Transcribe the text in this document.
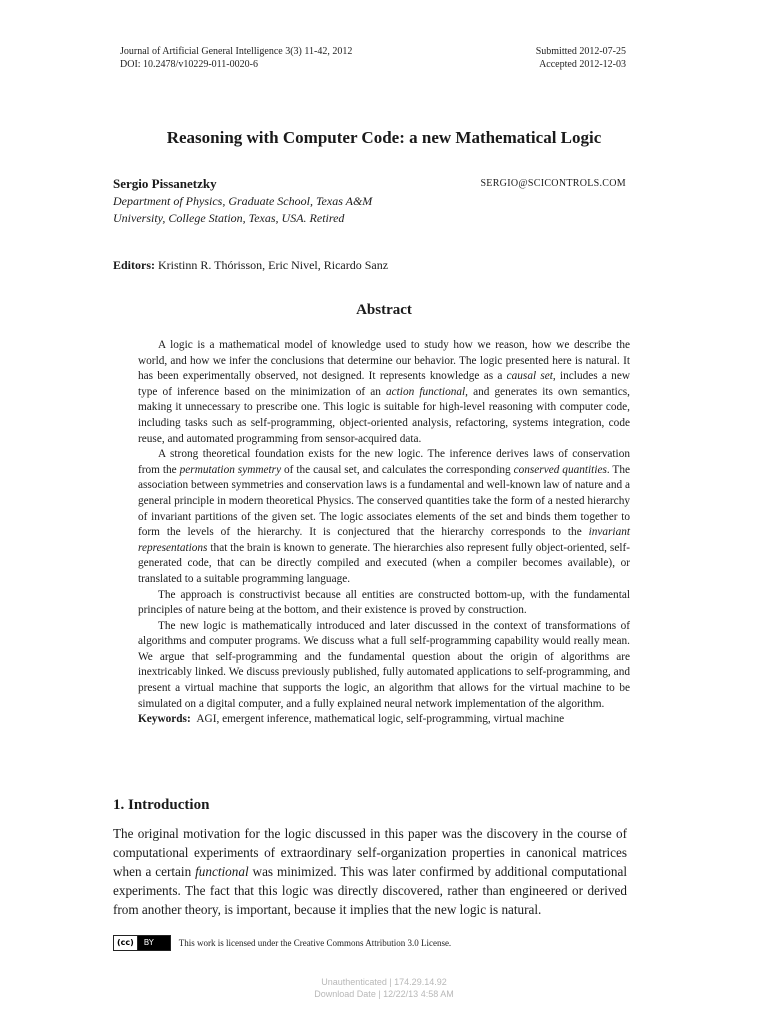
Journal of Artificial General Intelligence 3(3) 11-42, 2012
DOI: 10.2478/v10229-011-0020-6
Submitted 2012-07-25
Accepted 2012-12-03
Reasoning with Computer Code: a new Mathematical Logic
Sergio Pissanetzky	SERGIO@SCICONTROLS.COM
Department of Physics, Graduate School, Texas A&M
University, College Station, Texas, USA. Retired
Editors: Kristinn R. Thórisson, Eric Nivel, Ricardo Sanz
Abstract

A logic is a mathematical model of knowledge used to study how we reason, how we describe the world, and how we infer the conclusions that determine our behavior. The logic presented here is natural. It has been experimentally observed, not designed. It represents knowledge as a causal set, includes a new type of inference based on the minimization of an action functional, and generates its own semantics, making it unnecessary to prescribe one. This logic is suitable for high-level reasoning with computer code, including tasks such as self-programming, object-oriented analysis, refactoring, systems integration, code reuse, and automated programming from sensor-acquired data.

A strong theoretical foundation exists for the new logic. The inference derives laws of conservation from the permutation symmetry of the causal set, and calculates the corresponding conserved quantities. The association between symmetries and conservation laws is a fundamental and well-known law of nature and a general principle in modern theoretical Physics. The conserved quantities take the form of a nested hierarchy of invariant partitions of the given set. The logic associates elements of the set and binds them together to form the levels of the hierarchy. It is conjectured that the hierarchy corresponds to the invariant representations that the brain is known to generate. The hierarchies also represent fully object-oriented, self-generated code, that can be directly compiled and executed (when a compiler becomes available), or translated to a suitable programming language.

The approach is constructivist because all entities are constructed bottom-up, with the fundamental principles of nature being at the bottom, and their existence is proved by construction.

The new logic is mathematically introduced and later discussed in the context of transformations of algorithms and computer programs. We discuss what a full self-programming capability would really mean. We argue that self-programming and the fundamental question about the origin of algorithms are inextricably linked. We discuss previously published, fully automated applications to self-programming, and present a virtual machine that supports the logic, an algorithm that allows for the virtual machine to be simulated on a digital computer, and a fully explained neural network implementation of the algorithm.

Keywords: AGI, emergent inference, mathematical logic, self-programming, virtual machine

1. Introduction

The original motivation for the logic discussed in this paper was the discovery in the course of computational experiments of extraordinary self-organization properties in canonical matrices when a certain functional was minimized. This was later confirmed by additional computational experiments. The fact that this logic was directly discovered, rather than engineered or derived from another theory, is important, because it implies that the new logic is natural.

(cc)	BY	This work is licensed under the Creative Commons Attribution 3.0 License.
Unauthenticated | 174.29.14.92
Download Date | 12/22/13 4:58 AM
